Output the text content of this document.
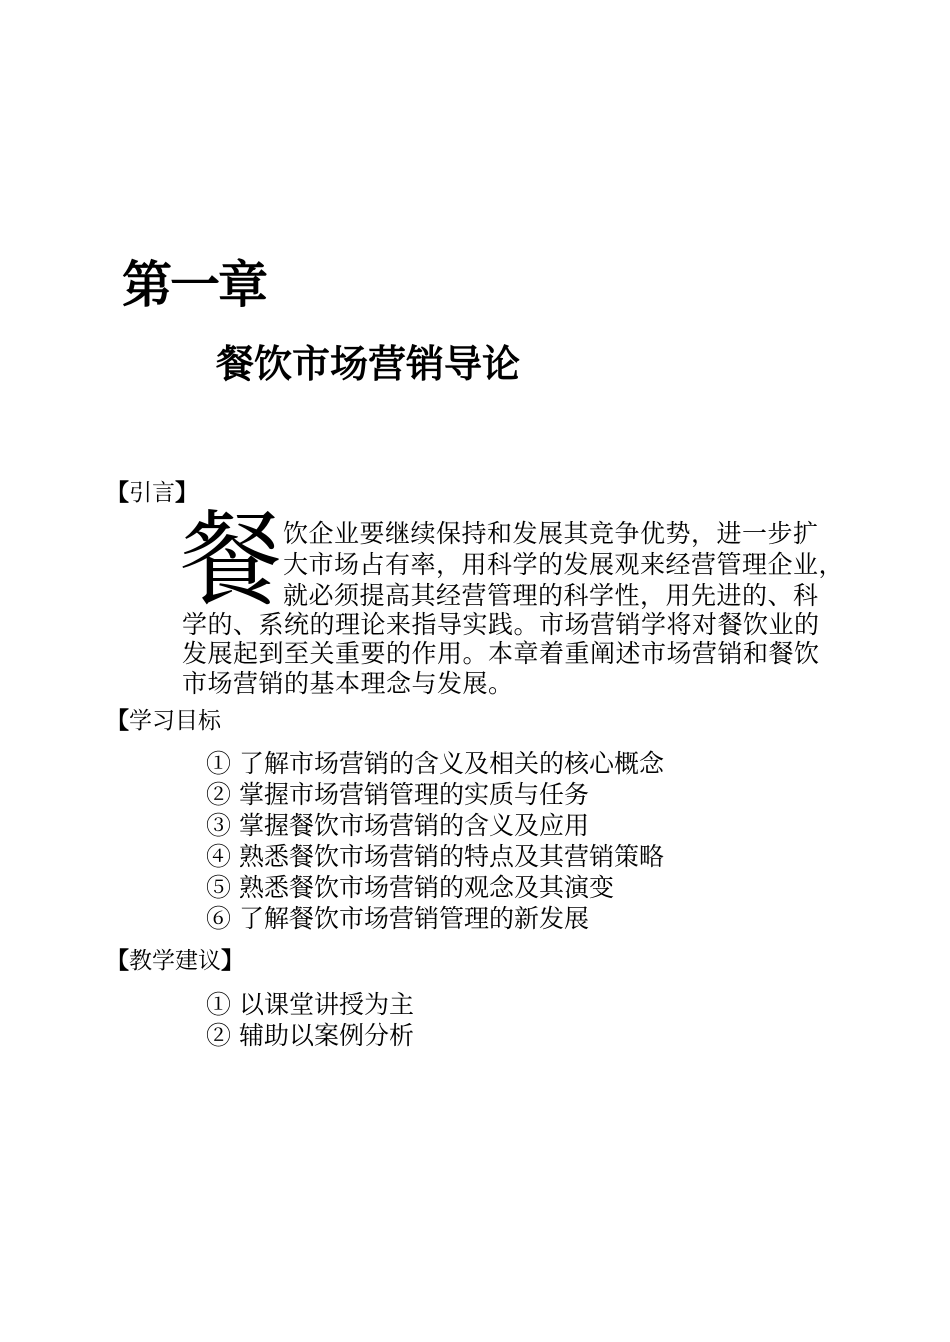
第一章
餐饮市场营销导论
【引言】
餐 饮企业要继续保持和发展其竞争优势，进一步扩
大市场占有率，用科学的发展观来经营管理企业，
就必须提高其经营管理的科学性，用先进的、科
学的、系统的理论来指导实践。市场营销学将对餐饮业的
发展起到至关重要的作用。本章着重阐述市场营销和餐饮
市场营销的基本理念与发展。
【学习目标
① 了解市场营销的含义及相关的核心概念
② 掌握市场营销管理的实质与任务
③ 掌握餐饮市场营销的含义及应用
④ 熟悉餐饮市场营销的特点及其营销策略
⑤ 熟悉餐饮市场营销的观念及其演变
⑥ 了解餐饮市场营销管理的新发展
【教学建议】
① 以课堂讲授为主
② 辅助以案例分析
